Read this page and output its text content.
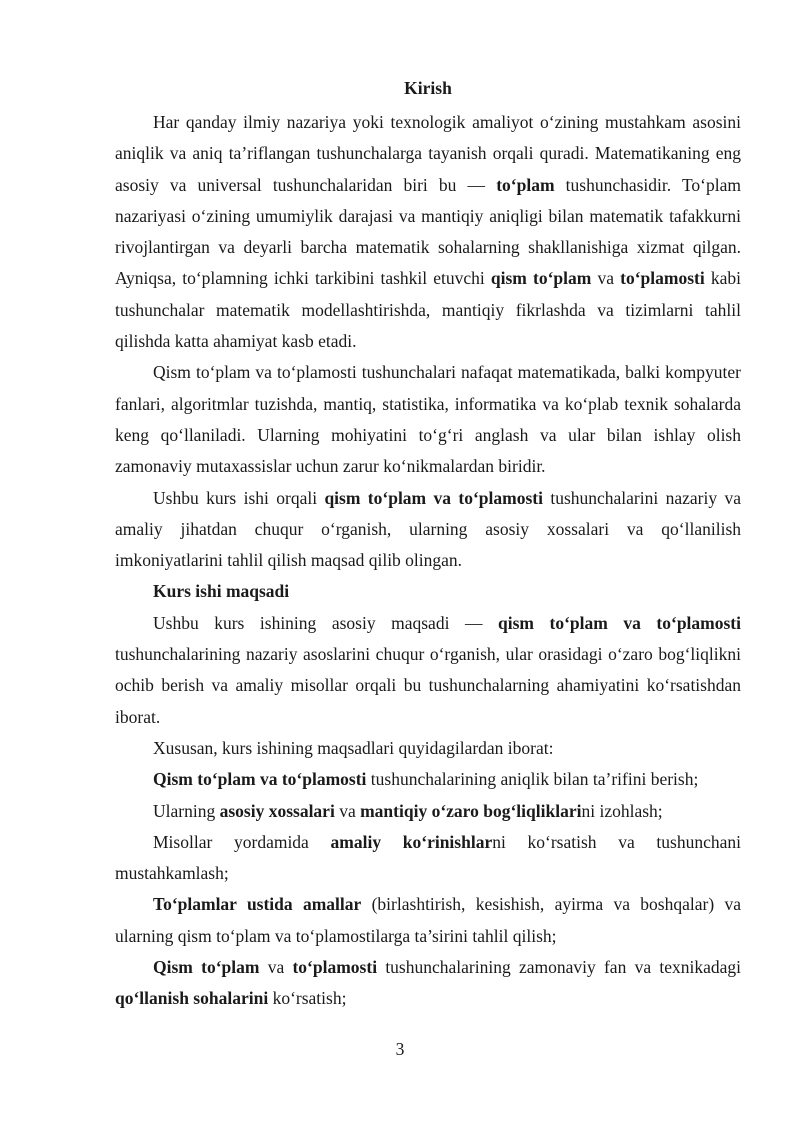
Kirish

Har qanday ilmiy nazariya yoki texnologik amaliyot o‘zining mustahkam asosini aniqlik va aniq ta’riflangan tushunchalarga tayanish orqali quradi. Matematikaning eng asosiy va universal tushunchalaridan biri bu — to‘plam tushunchasidir. To‘plam nazariyasi o‘zining umumiylik darajasi va mantiqiy aniqligi bilan matematik tafakkurni rivojlantirgan va deyarli barcha matematik sohalarning shakllanishiga xizmat qilgan. Ayniqsa, to‘plamning ichki tarkibini tashkil etuvchi qism to‘plam va to‘plamosti kabi tushunchalar matematik modellashtirishda, mantiqiy fikrlashda va tizimlarni tahlil qilishda katta ahamiyat kasb etadi.

Qism to‘plam va to‘plamosti tushunchalari nafaqat matematikada, balki kompyuter fanlari, algoritmlar tuzishda, mantiq, statistika, informatika va ko‘plab texnik sohalarda keng qo‘llaniladi. Ularning mohiyatini to‘g‘ri anglash va ular bilan ishlay olish zamonaviy mutaxassislar uchun zarur ko‘nikmalardan biridir.

Ushbu kurs ishi orqali qism to‘plam va to‘plamosti tushunchalarini nazariy va amaliy jihatdan chuqur o‘rganish, ularning asosiy xossalari va qo‘llanilish imkoniyatlarini tahlil qilish maqsad qilib olingan.

Kurs ishi maqsadi

Ushbu kurs ishining asosiy maqsadi — qism to‘plam va to‘plamosti tushunchalarining nazariy asoslarini chuqur o‘rganish, ular orasidagi o‘zaro bog‘liqlikni ochib berish va amaliy misollar orqali bu tushunchalarning ahamiyatini ko‘rsatishdan iborat.

Xususan, kurs ishining maqsadlari quyidagilardan iborat:

Qism to‘plam va to‘plamosti tushunchalarining aniqlik bilan ta’rifini berish;

Ularning asosiy xossalari va mantiqiy o‘zaro bog‘liqliklarini izohlash;

Misollar yordamida amaliy ko‘rinishlarni ko‘rsatish va tushunchani mustahkamlash;

To‘plamlar ustida amallar (birlashtirish, kesishish, ayirma va boshqalar) va ularning qism to‘plam va to‘plamostilarga ta’sirini tahlil qilish;

Qism to‘plam va to‘plamosti tushunchalarining zamonaviy fan va texnikadagi qo‘llanish sohalarini ko‘rsatish;

3
